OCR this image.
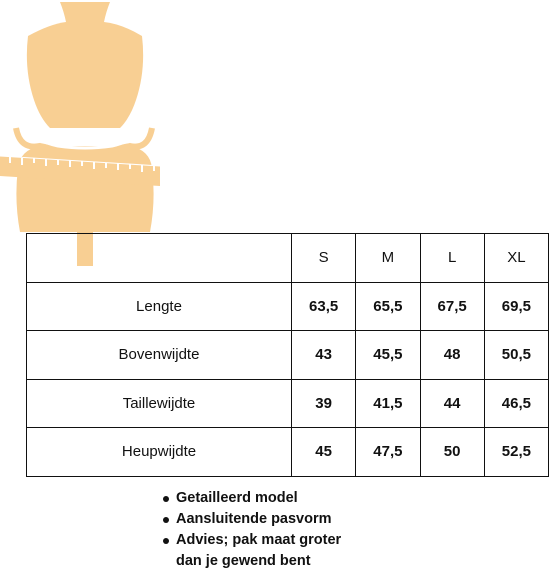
	S	M	L	XL
Lengte	63,5	65,5	67,5	69,5
Bovenwijdte	43	45,5	48	50,5
Taillewijdte	39	41,5	44	46,5
Heupwijdte	45	47,5	50	52,5
Getailleerd model
Aansluitende pasvorm
Advies; pak maat groter
dan je gewend bent
